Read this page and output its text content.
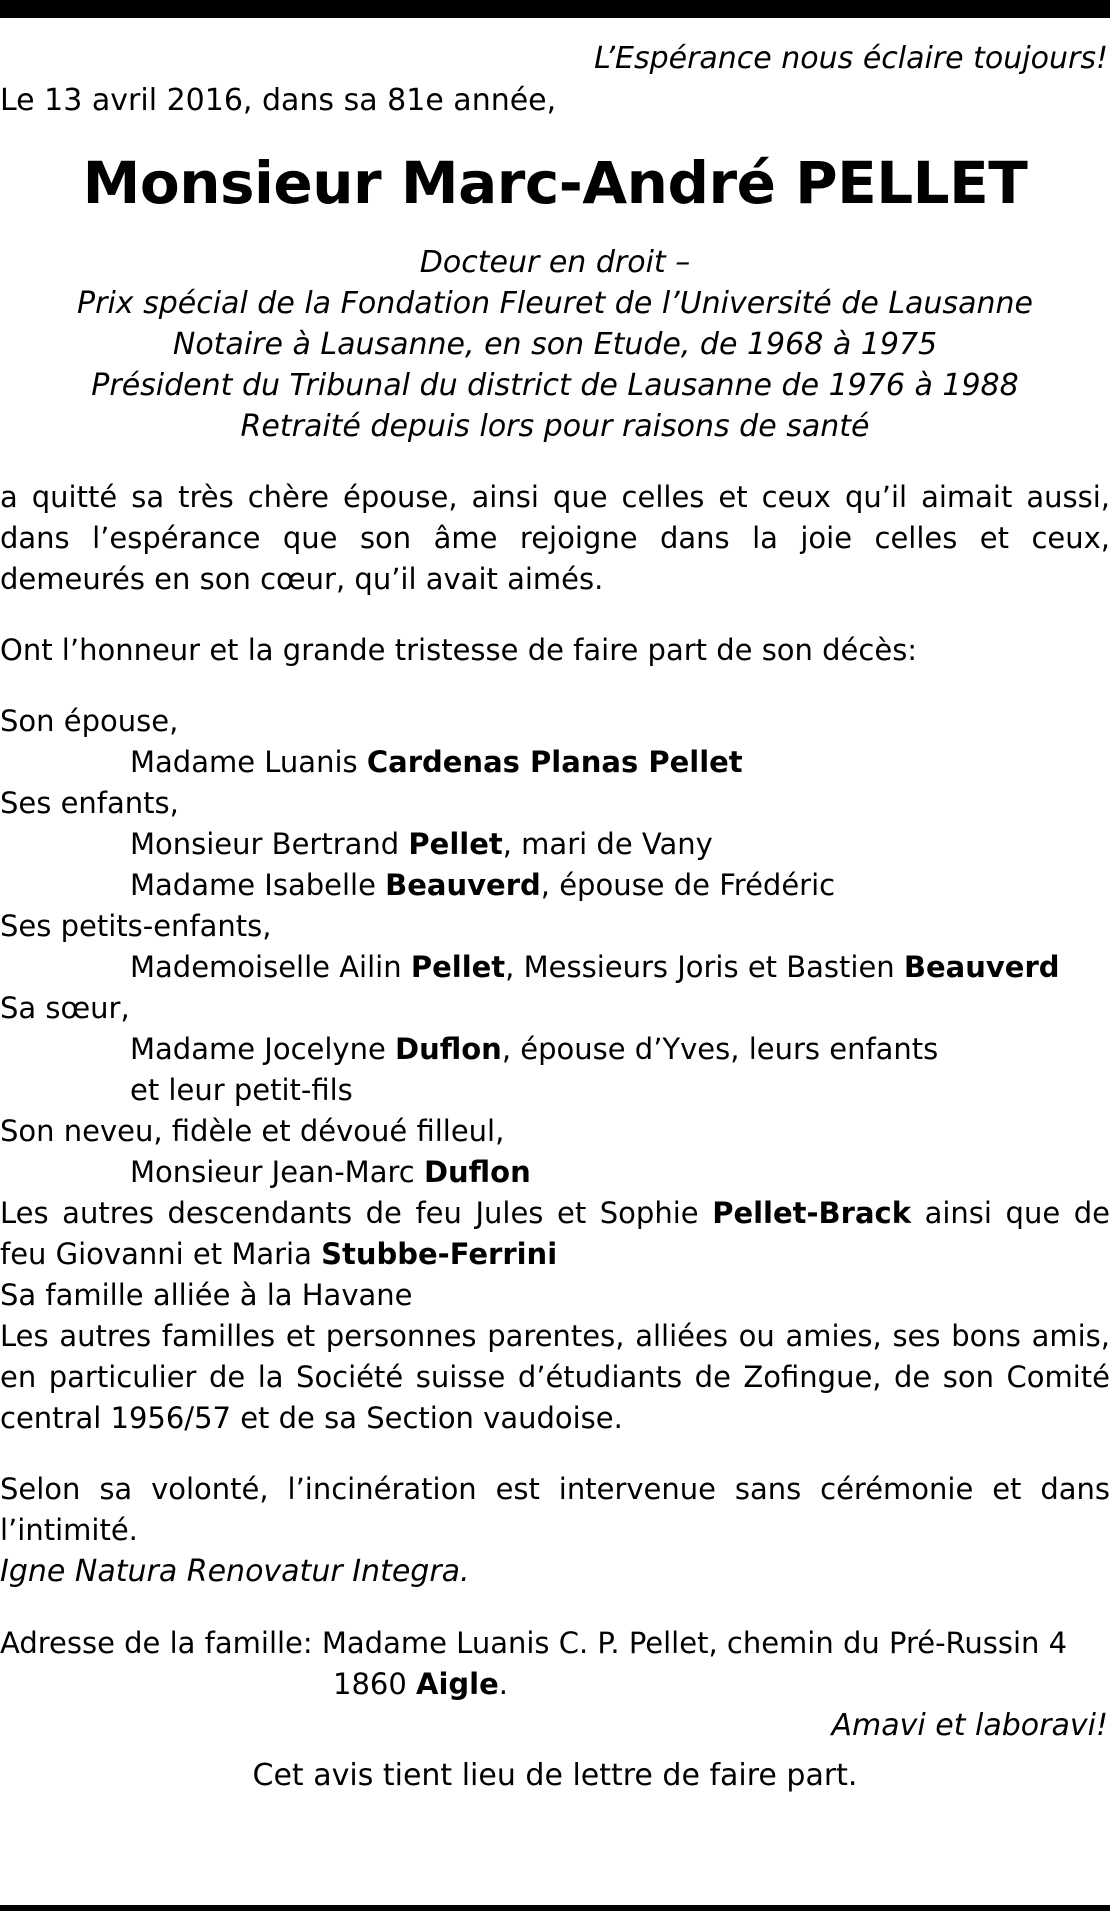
L’Espérance nous éclaire toujours!
Le 13 avril 2016, dans sa 81e année,
Monsieur Marc-André PELLET
Docteur en droit –
Prix spécial de la Fondation Fleuret de l’Université de Lausanne
Notaire à Lausanne, en son Etude, de 1968 à 1975
Président du Tribunal du district de Lausanne de 1976 à 1988
Retraité depuis lors pour raisons de santé
a quitté sa très chère épouse, ainsi que celles et ceux qu’il aimait aussi, dans l’espérance que son âme rejoigne dans la joie celles et ceux, demeurés en son cœur, qu’il avait aimés.
Ont l’honneur et la grande tristesse de faire part de son décès:
Son épouse,
Madame Luanis Cardenas Planas Pellet
Ses enfants,
Monsieur Bertrand Pellet, mari de Vany
Madame Isabelle Beauverd, épouse de Frédéric
Ses petits-enfants,
Mademoiselle Ailin Pellet, Messieurs Joris et Bastien Beauverd
Sa sœur,
Madame Jocelyne Duflon, épouse d’Yves, leurs enfants
et leur petit-fils
Son neveu, fidèle et dévoué filleul,
Monsieur Jean-Marc Duflon
Les autres descendants de feu Jules et Sophie Pellet-Brack ainsi que de feu Giovanni et Maria Stubbe-Ferrini
Sa famille alliée à la Havane
Les autres familles et personnes parentes, alliées ou amies, ses bons amis, en particulier de la Société suisse d’étudiants de Zofingue, de son Comité central 1956/57 et de sa Section vaudoise.
Selon sa volonté, l’incinération est intervenue sans cérémonie et dans l’intimité.
Igne Natura Renovatur Integra.
Adresse de la famille: Madame Luanis C. P. Pellet, chemin du Pré-Russin 4
1860 Aigle.
Amavi et laboravi!
Cet avis tient lieu de lettre de faire part.
